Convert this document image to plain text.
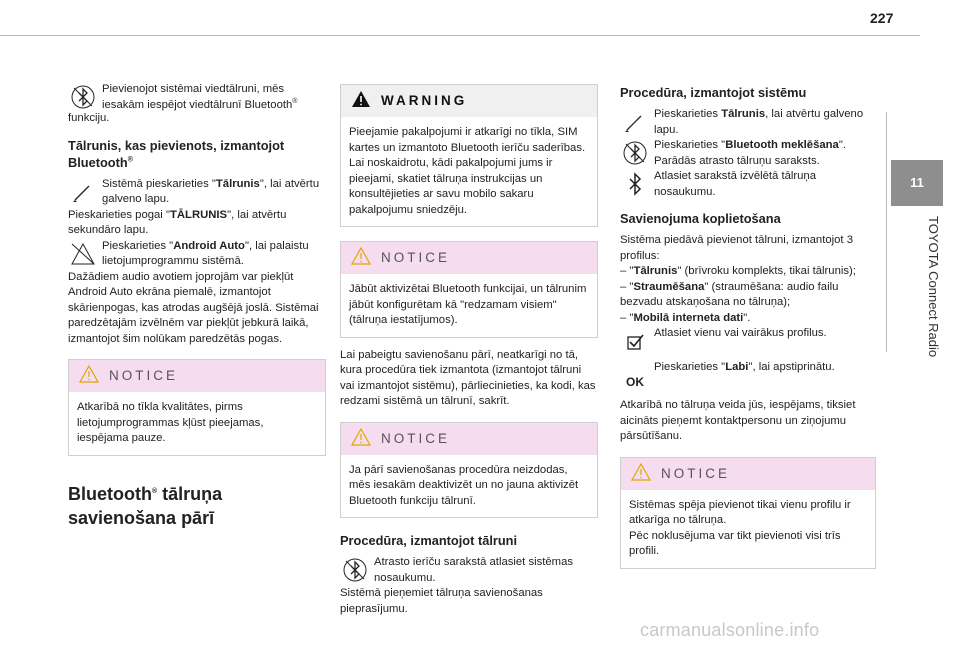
227
11
TOYOTA Connect Radio
Pievienojot sistēmai viedtālruni, mēs iesakām iespējot viedtālrunī Bluetooth®
funkciju.
Tālrunis, kas pievienots, izmantojot Bluetooth®
Sistēmā pieskarieties "Tālrunis", lai atvērtu galveno lapu.
Pieskarieties pogai "TĀLRUNIS", lai atvērtu sekundāro lapu.
Pieskarieties "Android Auto", lai palaistu lietojumprogrammu sistēmā.
Dažādiem audio avotiem joprojām var piekļūt Android Auto ekrāna piemalē, izmantojot skārienpogas, kas atrodas augšējā joslā. Sistēmai paredzētajām izvēlnēm var piekļūt jebkurā laikā, izmantojot šim nolūkam paredzētās pogas.
NOTICE
Atkarībā no tīkla kvalitātes, pirms lietojumprogrammas kļūst pieejamas, iespējama pauze.
Bluetooth® tālruņa savienošana pārī
WARNING
Pieejamie pakalpojumi ir atkarīgi no tīkla, SIM kartes un izmantoto Bluetooth ierīču saderības. Lai noskaidrotu, kādi pakalpojumi jums ir pieejami, skatiet tālruņa instrukcijas un konsultējieties ar savu mobilo sakaru pakalpojumu sniedzēju.
NOTICE
Jābūt aktivizētai Bluetooth funkcijai, un tālrunim jābūt konfigurētam kā "redzamam visiem" (tālruņa iestatījumos).
Lai pabeigtu savienošanu pārī, neatkarīgi no tā, kura procedūra tiek izmantota (izmantojot tālruni vai izmantojot sistēmu), pārliecinieties, ka kodi, kas redzami sistēmā un tālrunī, sakrīt.
NOTICE
Ja pārī savienošanas procedūra neizdodas, mēs iesakām deaktivizēt un no jauna aktivizēt Bluetooth funkciju tālrunī.
Procedūra, izmantojot tālruni
Atrasto ierīču sarakstā atlasiet sistēmas nosaukumu.
Sistēmā pieņemiet tālruņa savienošanas pieprasījumu.
Procedūra, izmantojot sistēmu
Pieskarieties Tālrunis, lai atvērtu galveno lapu.
Pieskarieties "Bluetooth meklēšana". Parādās atrasto tālruņu saraksts.
Atlasiet sarakstā izvēlētā tālruņa nosaukumu.
Savienojuma koplietošana
Sistēma piedāvā pievienot tālruni, izmantojot 3 profilus:
– "Tālrunis" (brīvroku komplekts, tikai tālrunis);
– "Straumēšana" (straumēšana: audio failu bezvadu atskaņošana no tālruņa);
– "Mobilā interneta dati".
Atlasiet vienu vai vairākus profilus.
OK
Pieskarieties "Labi", lai apstiprinātu.
Atkarībā no tālruņa veida jūs, iespējams, tiksiet aicināts pieņemt kontaktpersonu un ziņojumu pārsūtīšanu.
NOTICE
Sistēmas spēja pievienot tikai vienu profilu ir atkarīga no tālruņa.
Pēc noklusējuma var tikt pievienoti visi trīs profili.
carmanualsonline.info
